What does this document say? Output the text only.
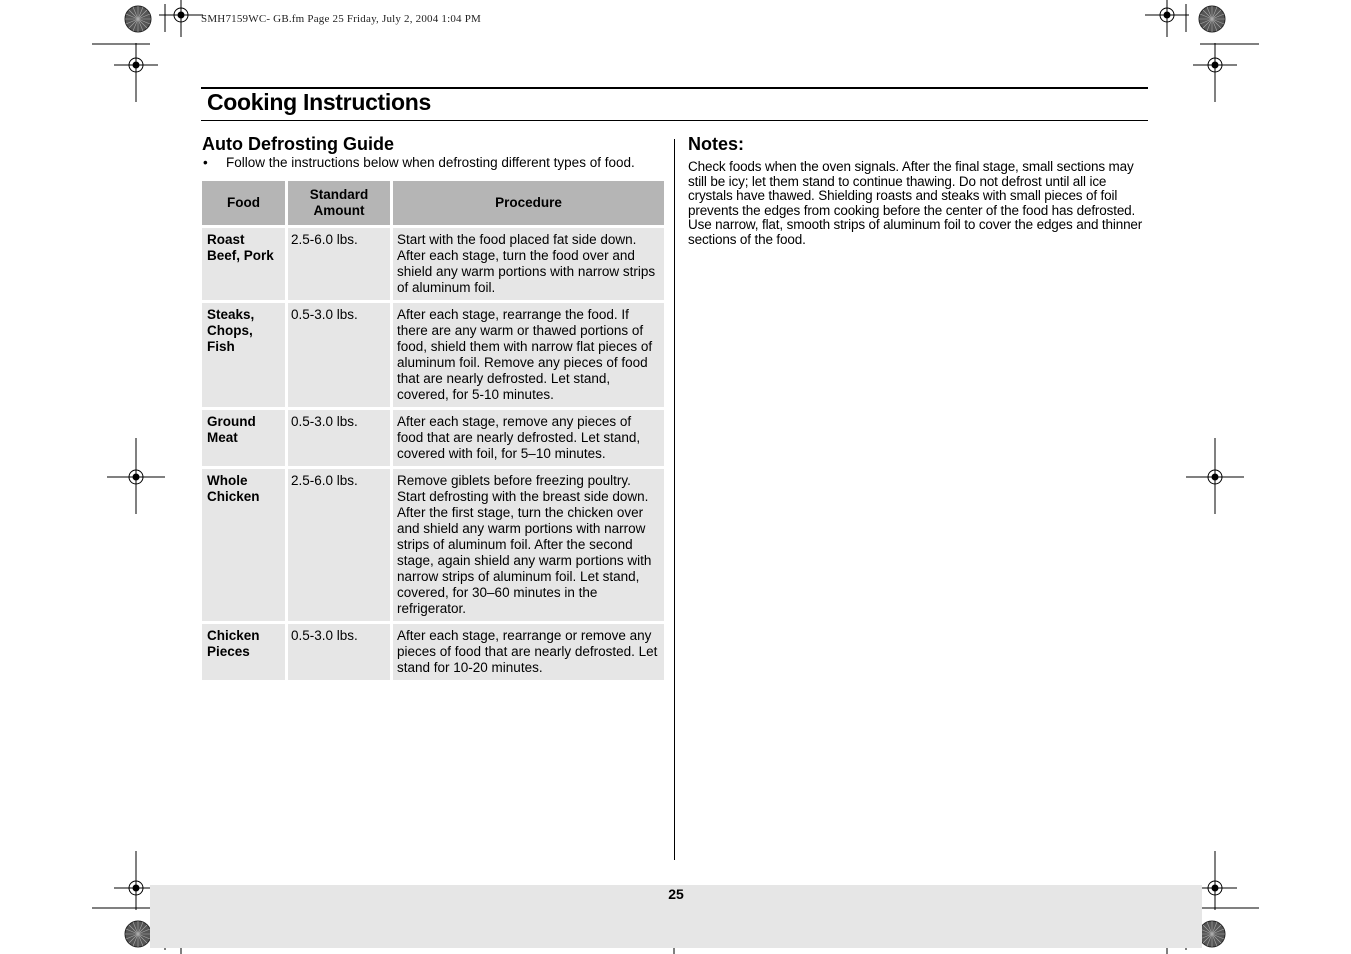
SMH7159WC- GB.fm Page 25 Friday, July 2, 2004 1:04 PM
Cooking Instructions
Auto Defrosting Guide
•	Follow the instructions below when defrosting different types of food.
Food	Standard Amount	Procedure
Roast Beef, Pork	2.5-6.0 lbs.	Start with the food placed fat side down. After each stage, turn the food over and shield any warm portions with narrow strips of aluminum foil.
Steaks, Chops, Fish	0.5-3.0 lbs.	After each stage, rearrange the food. If there are any warm or thawed portions of food, shield them with narrow flat pieces of aluminum foil. Remove any pieces of food that are nearly defrosted. Let stand, covered, for 5-10 minutes.
Ground Meat	0.5-3.0 lbs.	After each stage, remove any pieces of food that are nearly defrosted. Let stand, covered with foil, for 5–10 minutes.
Whole Chicken	2.5-6.0 lbs.	Remove giblets before freezing poultry. Start defrosting with the breast side down. After the first stage, turn the chicken over and shield any warm portions with narrow strips of aluminum foil. After the second stage, again shield any warm portions with narrow strips of aluminum foil. Let stand, covered, for 30–60 minutes in the refrigerator.
Chicken Pieces	0.5-3.0 lbs.	After each stage, rearrange or remove any pieces of food that are nearly defrosted. Let stand for 10-20 minutes.
Notes:

Check foods when the oven signals. After the final stage, small sections may still be icy; let them stand to continue thawing. Do not defrost until all ice crystals have thawed. Shielding roasts and steaks with small pieces of foil prevents the edges from cooking before the center of the food has defrosted. Use narrow, flat, smooth strips of aluminum foil to cover the edges and thinner sections of the food.

25
